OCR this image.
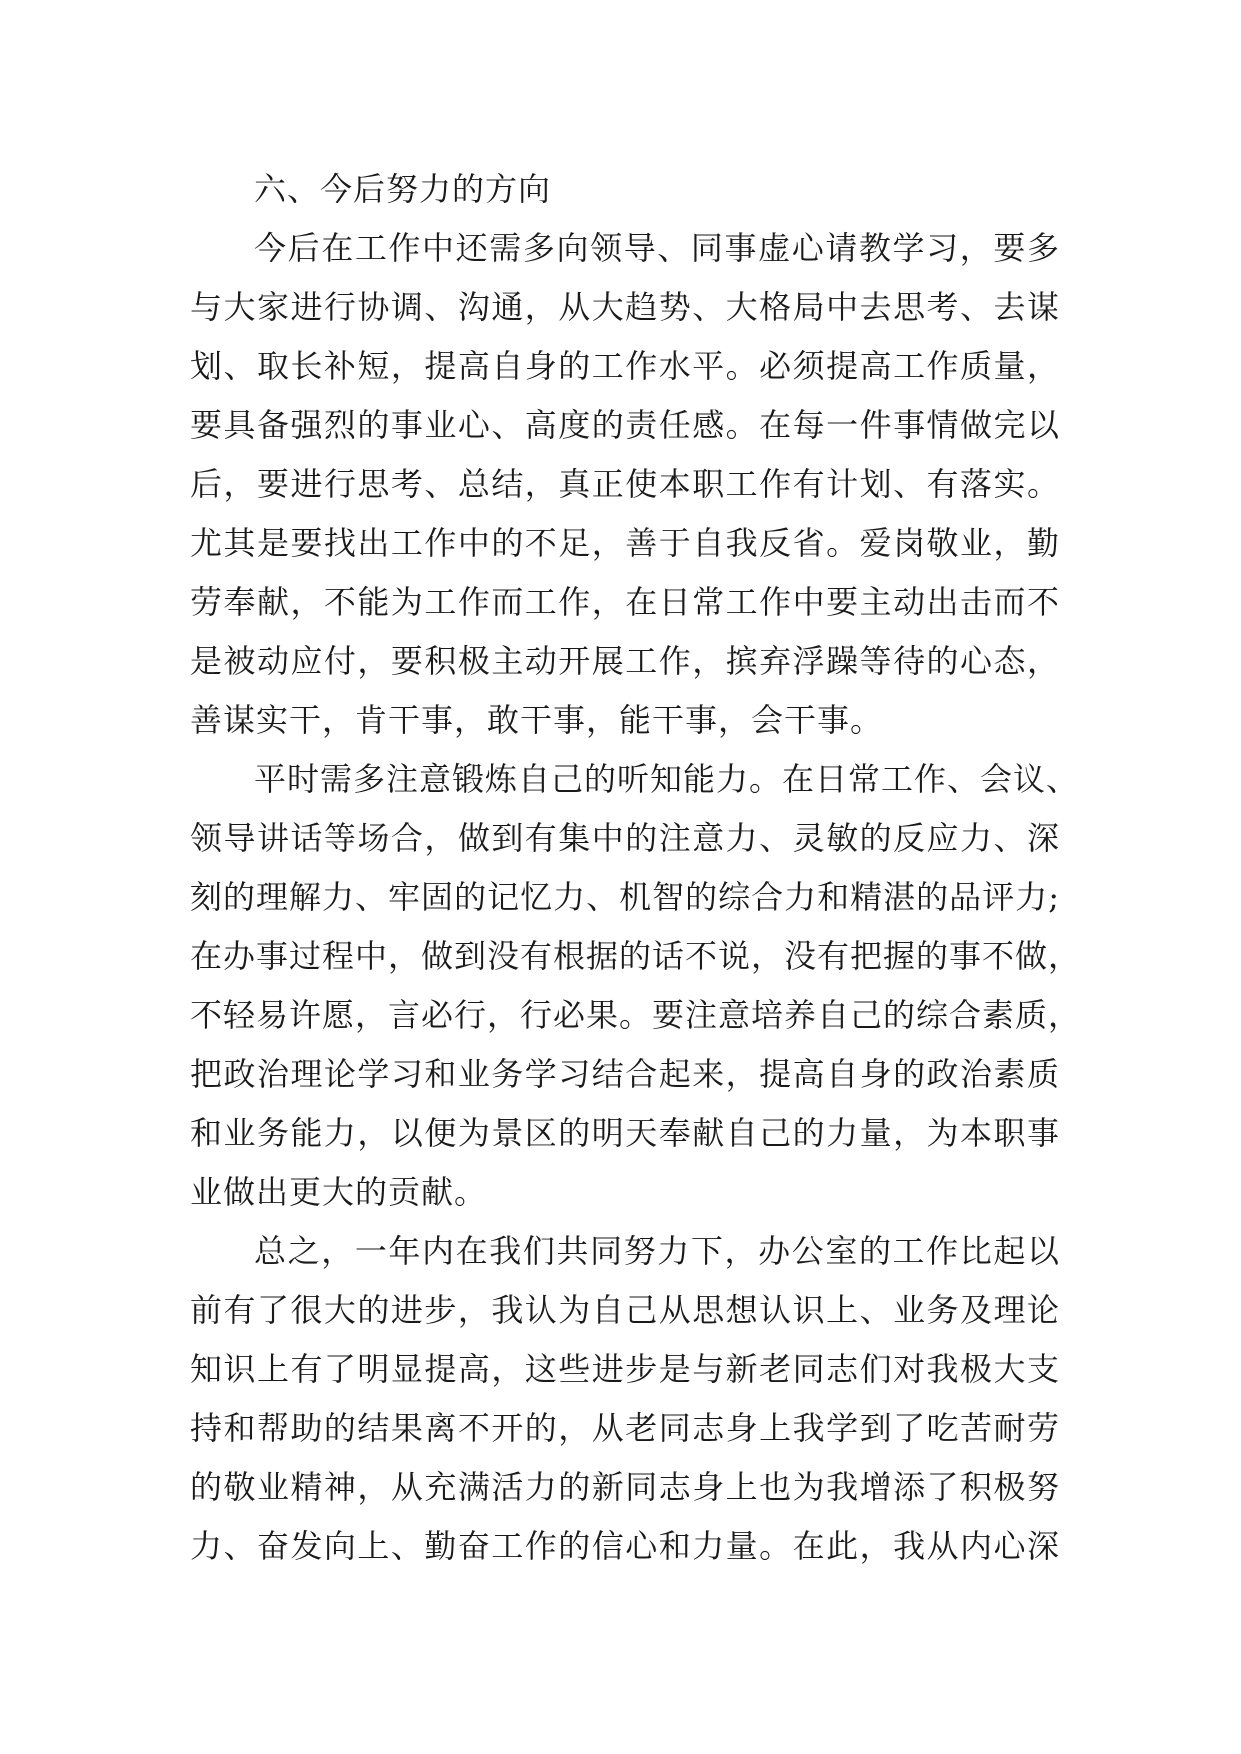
六、今后努力的方向
今后在工作中还需多向领导、同事虚心请教学习，要多
与大家进行协调、沟通，从大趋势、大格局中去思考、去谋
划、取长补短，提高自身的工作水平。必须提高工作质量，
要具备强烈的事业心、高度的责任感。在每一件事情做完以
后，要进行思考、总结，真正使本职工作有计划、有落实。
尤其是要找出工作中的不足，善于自我反省。爱岗敬业，勤
劳奉献，不能为工作而工作，在日常工作中要主动出击而不
是被动应付，要积极主动开展工作，摈弃浮躁等待的心态，
善谋实干，肯干事，敢干事，能干事，会干事。
平时需多注意锻炼自己的听知能力。在日常工作、会议、
领导讲话等场合，做到有集中的注意力、灵敏的反应力、深
刻的理解力、牢固的记忆力、机智的综合力和精湛的品评力;
在办事过程中，做到没有根据的话不说，没有把握的事不做，
不轻易许愿，言必行，行必果。要注意培养自己的综合素质，
把政治理论学习和业务学习结合起来，提高自身的政治素质
和业务能力，以便为景区的明天奉献自己的力量，为本职事
业做出更大的贡献。
总之，一年内在我们共同努力下，办公室的工作比起以
前有了很大的进步，我认为自己从思想认识上、业务及理论
知识上有了明显提高，这些进步是与新老同志们对我极大支
持和帮助的结果离不开的，从老同志身上我学到了吃苦耐劳
的敬业精神，从充满活力的新同志身上也为我增添了积极努
力、奋发向上、勤奋工作的信心和力量。在此，我从内心深
